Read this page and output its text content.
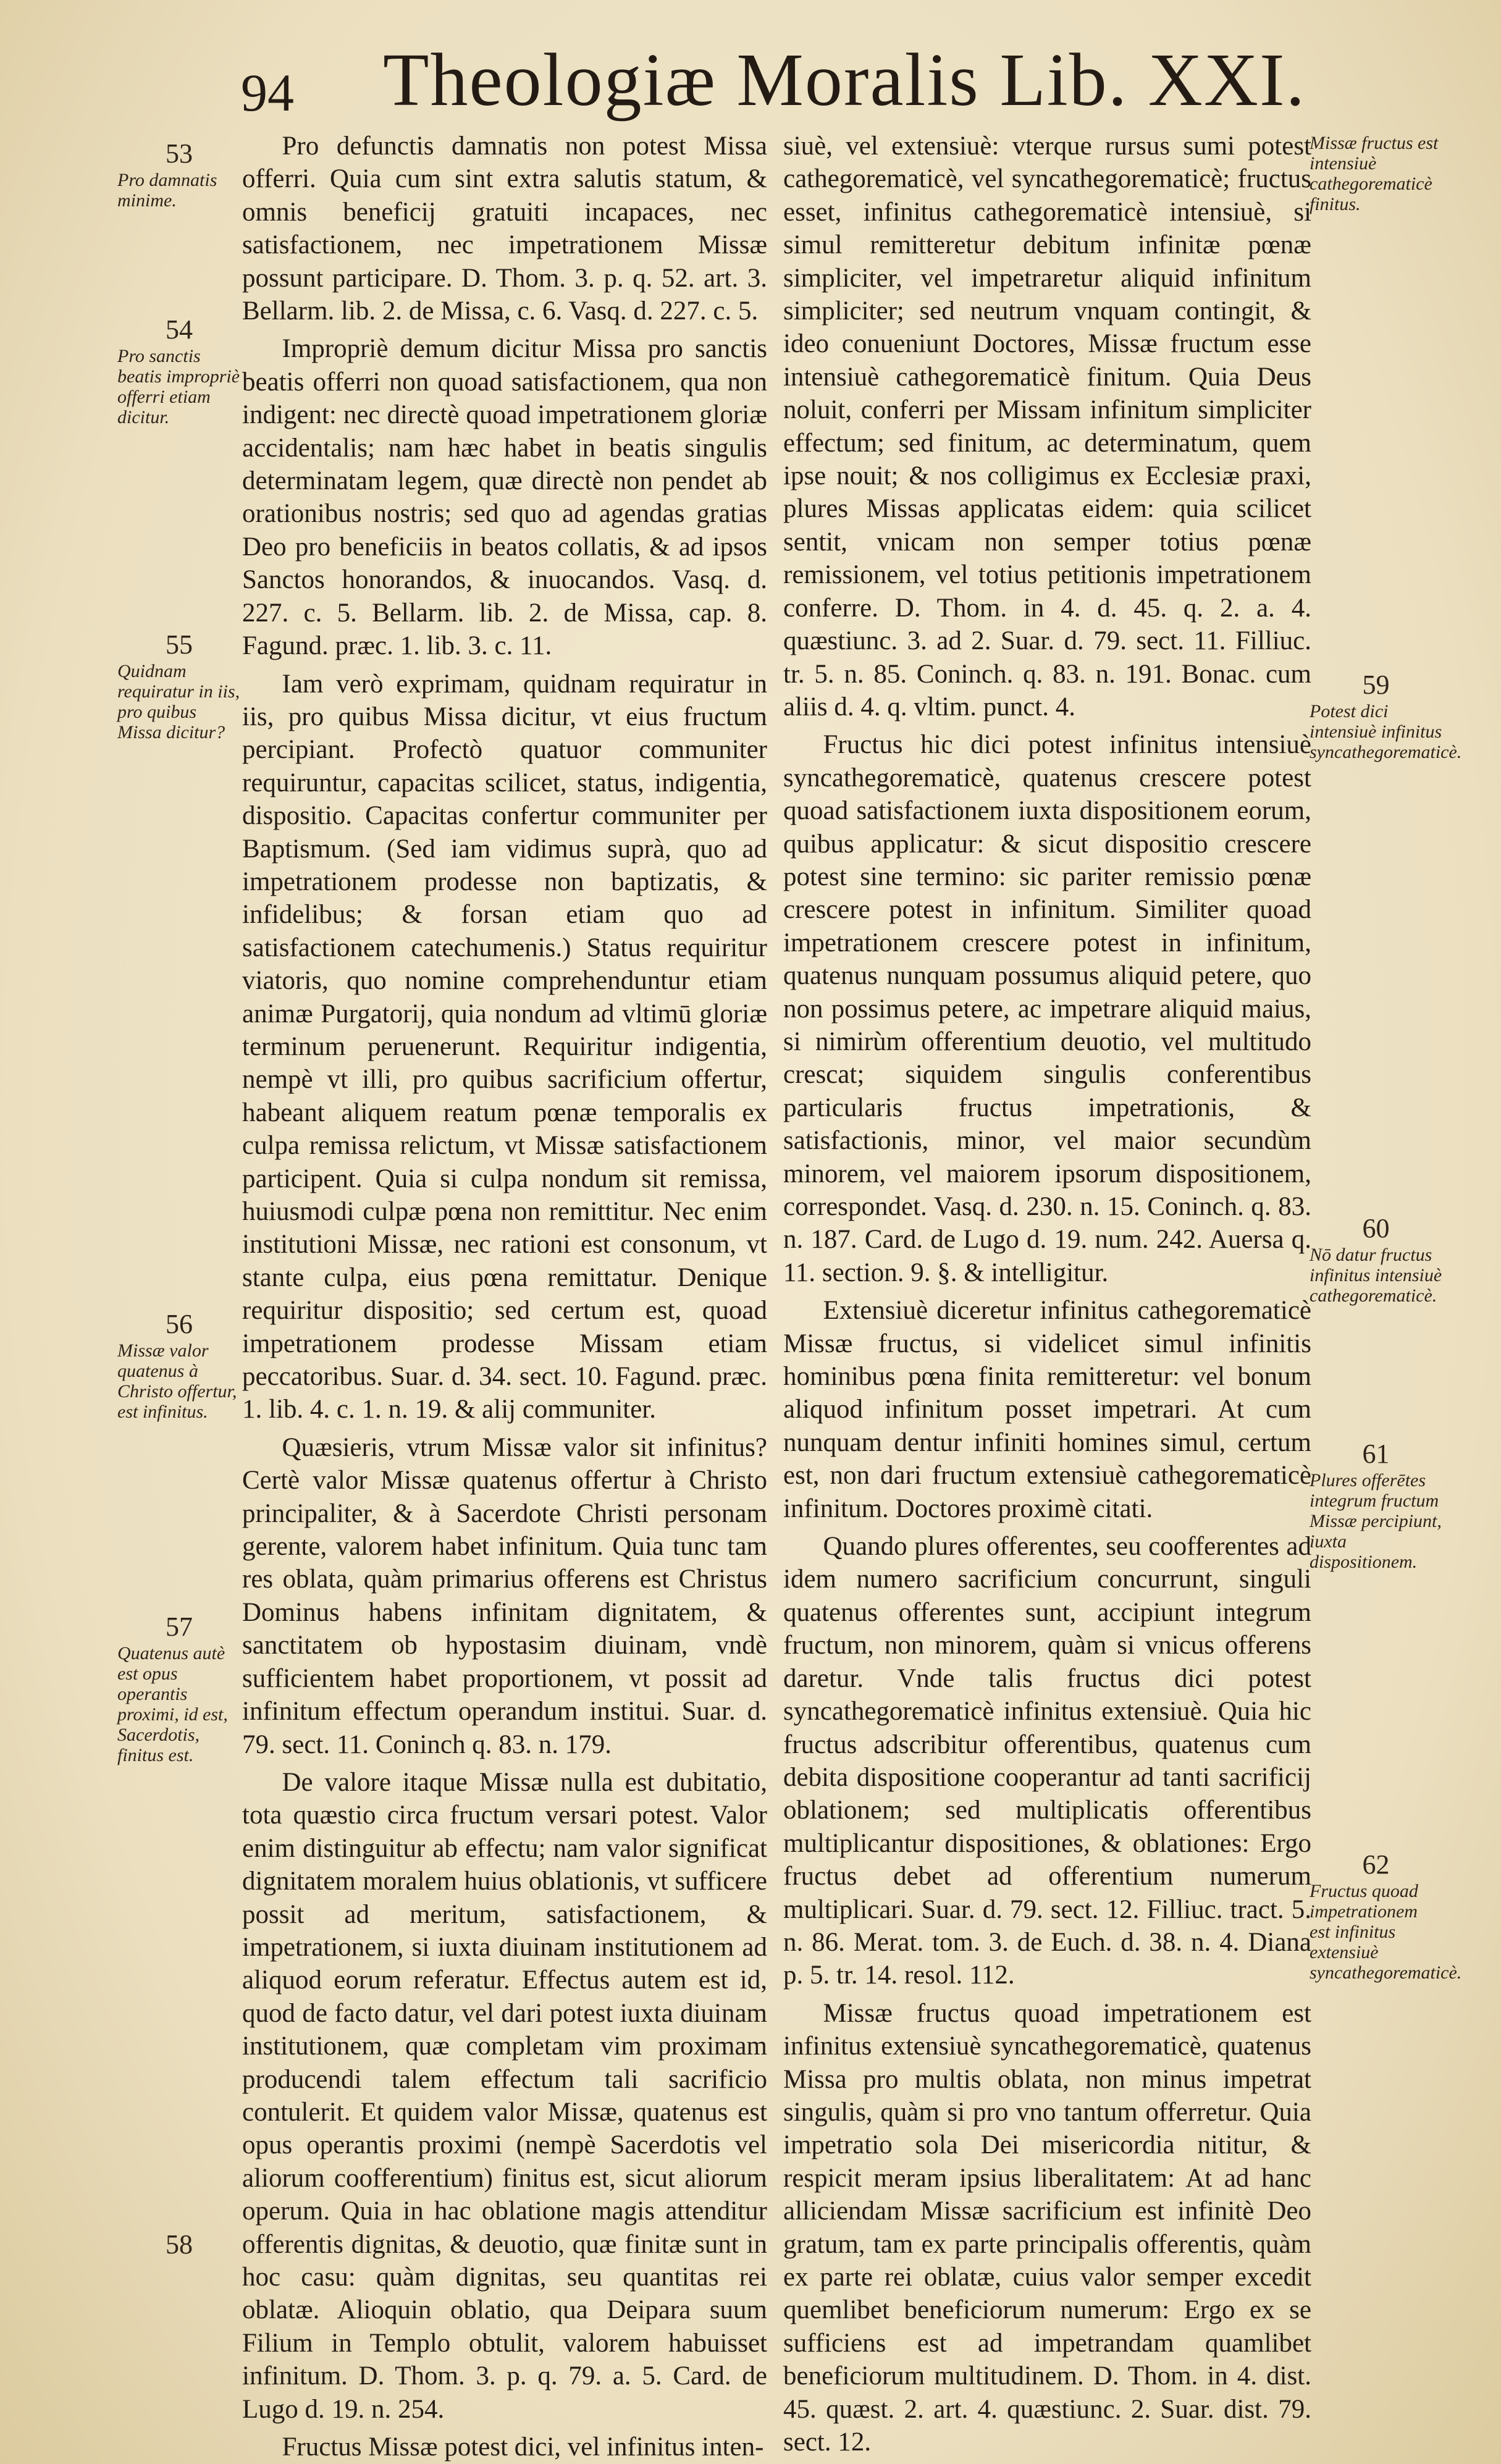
94 Theologiæ Moralis Lib. XXI.
53
Pro damnatis minime.
54
Pro sanctis beatis impropriè offerri etiam dicitur.
55
Quidnam requiratur in iis, pro quibus Missa dicitur?
56
Missæ valor quatenus à Christo offertur, est infinitus.
57
Quatenus autè est opus operantis proximi, id est, Sacerdotis, finitus est.
58
Missæ fructus est intensiuè cathegorematicè finitus.
59
Potest dici intensiuè infinitus syncathegorematicè.
60
Nō datur fructus infinitus intensiuè cathegorematicè.
61
Plures offerētes integrum fructum Missæ percipiunt, iuxta dispositionem.
62
Fructus quoad impetrationem est infinitus extensiuè syncathegorematicè.

Pro defunctis damnatis non potest Missa offerri. Quia cum sint extra salutis statum, & omnis beneficij gratuiti incapaces, nec satisfactionem, nec impetrationem Missæ possunt participare. D. Thom. 3. p. q. 52. art. 3. Bellarm. lib. 2. de Missa, c. 6. Vasq. d. 227. c. 5.

Impropriè demum dicitur Missa pro sanctis beatis offerri non quoad satisfactionem, qua non indigent: nec directè quoad impetrationem gloriæ accidentalis; nam hæc habet in beatis singulis determinatam legem, quæ directè non pendet ab orationibus nostris; sed quo ad agendas gratias Deo pro beneficiis in beatos collatis, & ad ipsos Sanctos honorandos, & inuocandos. Vasq. d. 227. c. 5. Bellarm. lib. 2. de Missa, cap. 8. Fagund. præc. 1. lib. 3. c. 11.

Iam verò exprimam, quidnam requiratur in iis, pro quibus Missa dicitur, vt eius fructum percipiant. Profectò quatuor communiter requiruntur, capacitas scilicet, status, indigentia, dispositio. Capacitas confertur communiter per Baptismum. (Sed iam vidimus suprà, quo ad impetrationem prodesse non baptizatis, & infidelibus; & forsan etiam quo ad satisfactionem catechumenis.) Status requiritur viatoris, quo nomine comprehenduntur etiam animæ Purgatorij, quia nondum ad vltimū gloriæ terminum peruenerunt. Requiritur indigentia, nempè vt illi, pro quibus sacrificium offertur, habeant aliquem reatum pœnæ temporalis ex culpa remissa relictum, vt Missæ satisfactionem participent. Quia si culpa nondum sit remissa, huiusmodi culpæ pœna non remittitur. Nec enim institutioni Missæ, nec rationi est consonum, vt stante culpa, eius pœna remittatur. Denique requiritur dispositio; sed certum est, quoad impetrationem prodesse Missam etiam peccatoribus. Suar. d. 34. sect. 10. Fagund. præc. 1. lib. 4. c. 1. n. 19. & alij communiter.

Quæsieris, vtrum Missæ valor sit infinitus? Certè valor Missæ quatenus offertur à Christo principaliter, & à Sacerdote Christi personam gerente, valorem habet infinitum. Quia tunc tam res oblata, quàm primarius offerens est Christus Dominus habens infinitam dignitatem, & sanctitatem ob hypostasim diuinam, vndè sufficientem habet proportionem, vt possit ad infinitum effectum operandum institui. Suar. d. 79. sect. 11. Coninch q. 83. n. 179.

De valore itaque Missæ nulla est dubitatio, tota quæstio circa fructum versari potest. Valor enim distinguitur ab effectu; nam valor significat dignitatem moralem huius oblationis, vt sufficere possit ad meritum, satisfactionem, & impetrationem, si iuxta diuinam institutionem ad aliquod eorum referatur. Effectus autem est id, quod de facto datur, vel dari potest iuxta diuinam institutionem, quæ completam vim proximam producendi talem effectum tali sacrificio contulerit. Et quidem valor Missæ, quatenus est opus operantis proximi (nempè Sacerdotis vel aliorum coofferentium) finitus est, sicut aliorum operum. Quia in hac oblatione magis attenditur offerentis dignitas, & deuotio, quæ finitæ sunt in hoc casu: quàm dignitas, seu quantitas rei oblatæ. Alioquin oblatio, qua Deipara suum Filium in Templo obtulit, valorem habuisset infinitum. D. Thom. 3. p. q. 79. a. 5. Card. de Lugo d. 19. n. 254.

Fructus Missæ potest dici, vel infinitus inten-

siuè, vel extensiuè: vterque rursus sumi potest cathegorematicè, vel syncathegorematicè; fructus esset, infinitus cathegorematicè intensiuè, si simul remitteretur debitum infinitæ pœnæ simpliciter, vel impetraretur aliquid infinitum simpliciter; sed neutrum vnquam contingit, & ideo conueniunt Doctores, Missæ fructum esse intensiuè cathegorematicè finitum. Quia Deus noluit, conferri per Missam infinitum simpliciter effectum; sed finitum, ac determinatum, quem ipse nouit; & nos colligimus ex Ecclesiæ praxi, plures Missas applicatas eidem: quia scilicet sentit, vnicam non semper totius pœnæ remissionem, vel totius petitionis impetrationem conferre. D. Thom. in 4. d. 45. q. 2. a. 4. quæstiunc. 3. ad 2. Suar. d. 79. sect. 11. Filliuc. tr. 5. n. 85. Coninch. q. 83. n. 191. Bonac. cum aliis d. 4. q. vltim. punct. 4.

Fructus hic dici potest infinitus intensiuè syncathegorematicè, quatenus crescere potest quoad satisfactionem iuxta dispositionem eorum, quibus applicatur: & sicut dispositio crescere potest sine termino: sic pariter remissio pœnæ crescere potest in infinitum. Similiter quoad impetrationem crescere potest in infinitum, quatenus nunquam possumus aliquid petere, quo non possimus petere, ac impetrare aliquid maius, si nimirùm offerentium deuotio, vel multitudo crescat; siquidem singulis conferentibus particularis fructus impetrationis, & satisfactionis, minor, vel maior secundùm minorem, vel maiorem ipsorum dispositionem, correspondet. Vasq. d. 230. n. 15. Coninch. q. 83. n. 187. Card. de Lugo d. 19. num. 242. Auersa q. 11. section. 9. §. & intelligitur.

Extensiuè diceretur infinitus cathegorematicè Missæ fructus, si videlicet simul infinitis hominibus pœna finita remitteretur: vel bonum aliquod infinitum posset impetrari. At cum nunquam dentur infiniti homines simul, certum est, non dari fructum extensiuè cathegorematicè infinitum. Doctores proximè citati.

Quando plures offerentes, seu coofferentes ad idem numero sacrificium concurrunt, singuli quatenus offerentes sunt, accipiunt integrum fructum, non minorem, quàm si vnicus offerens daretur. Vnde talis fructus dici potest syncathegorematicè infinitus extensiuè. Quia hic fructus adscribitur offerentibus, quatenus cum debita dispositione cooperantur ad tanti sacrificij oblationem; sed multiplicatis offerentibus multiplicantur dispositiones, & oblationes: Ergo fructus debet ad offerentium numerum multiplicari. Suar. d. 79. sect. 12. Filliuc. tract. 5. n. 86. Merat. tom. 3. de Euch. d. 38. n. 4. Diana p. 5. tr. 14. resol. 112.

Missæ fructus quoad impetrationem est infinitus extensiuè syncathegorematicè, quatenus Missa pro multis oblata, non minus impetrat singulis, quàm si pro vno tantum offerretur. Quia impetratio sola Dei misericordia nititur, & respicit meram ipsius liberalitatem: At ad hanc alliciendam Missæ sacrificium est infinitè Deo gratum, tam ex parte principalis offerentis, quàm ex parte rei oblatæ, cuius valor semper excedit quemlibet beneficiorum numerum: Ergo ex se sufficiens est ad impetrandam quamlibet beneficiorum multitudinem. D. Thom. in 4. dist. 45. quæst. 2. art. 4. quæstiunc. 2. Suar. dist. 79. sect. 12.
